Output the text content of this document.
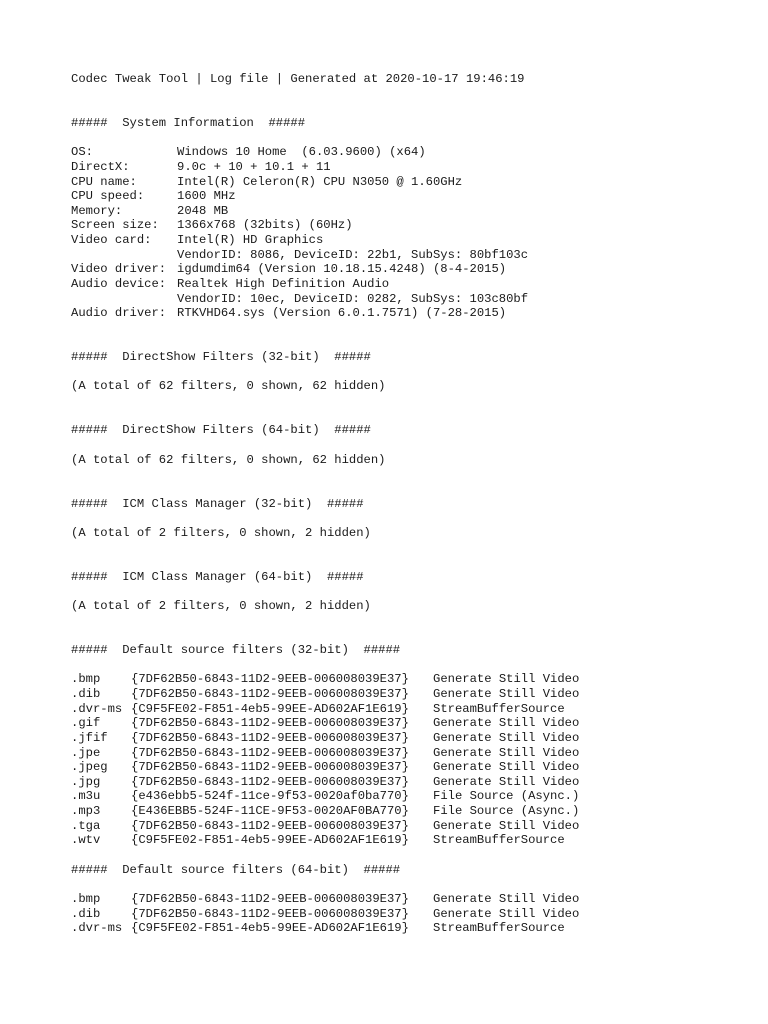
Codec Tweak Tool | Log file | Generated at 2020-10-17 19:46:19
#####  System Information  #####
OS:	Windows 10 Home  (6.03.9600) (x64)
DirectX:	9.0c + 10 + 10.1 + 11
CPU name:	Intel(R) Celeron(R) CPU N3050 @ 1.60GHz
CPU speed:	1600 MHz
Memory:	2048 MB
Screen size:	1366x768 (32bits) (60Hz)
Video card:	Intel(R) HD Graphics
VendorID: 8086, DeviceID: 22b1, SubSys: 80bf103c
Video driver: igdumdim64 (Version 10.18.15.4248) (8-4-2015)
Audio device: Realtek High Definition Audio
VendorID: 10ec, DeviceID: 0282, SubSys: 103c80bf
Audio driver: RTKVHD64.sys (Version 6.0.1.7571) (7-28-2015)
#####  DirectShow Filters (32-bit)  #####
(A total of 62 filters, 0 shown, 62 hidden)
#####  DirectShow Filters (64-bit)  #####
(A total of 62 filters, 0 shown, 62 hidden)
#####  ICM Class Manager (32-bit)  #####
(A total of 2 filters, 0 shown, 2 hidden)
#####  ICM Class Manager (64-bit)  #####
(A total of 2 filters, 0 shown, 2 hidden)
#####  Default source filters (32-bit)  #####
.bmp	{7DF62B50-6843-11D2-9EEB-006008039E37}	Generate Still Video
.dib	{7DF62B50-6843-11D2-9EEB-006008039E37}	Generate Still Video
.dvr-ms {C9F5FE02-F851-4eb5-99EE-AD602AF1E619}	StreamBufferSource
.gif	{7DF62B50-6843-11D2-9EEB-006008039E37}	Generate Still Video
.jfif	{7DF62B50-6843-11D2-9EEB-006008039E37}	Generate Still Video
.jpe	{7DF62B50-6843-11D2-9EEB-006008039E37}	Generate Still Video
.jpeg	{7DF62B50-6843-11D2-9EEB-006008039E37}	Generate Still Video
.jpg	{7DF62B50-6843-11D2-9EEB-006008039E37}	Generate Still Video
.m3u	{e436ebb5-524f-11ce-9f53-0020af0ba770}	File Source (Async.)
.mp3	{E436EBB5-524F-11CE-9F53-0020AF0BA770}	File Source (Async.)
.tga	{7DF62B50-6843-11D2-9EEB-006008039E37}	Generate Still Video
.wtv	{C9F5FE02-F851-4eb5-99EE-AD602AF1E619}	StreamBufferSource
#####  Default source filters (64-bit)  #####
.bmp	{7DF62B50-6843-11D2-9EEB-006008039E37}	Generate Still Video
.dib	{7DF62B50-6843-11D2-9EEB-006008039E37}	Generate Still Video
.dvr-ms {C9F5FE02-F851-4eb5-99EE-AD602AF1E619}	StreamBufferSource
